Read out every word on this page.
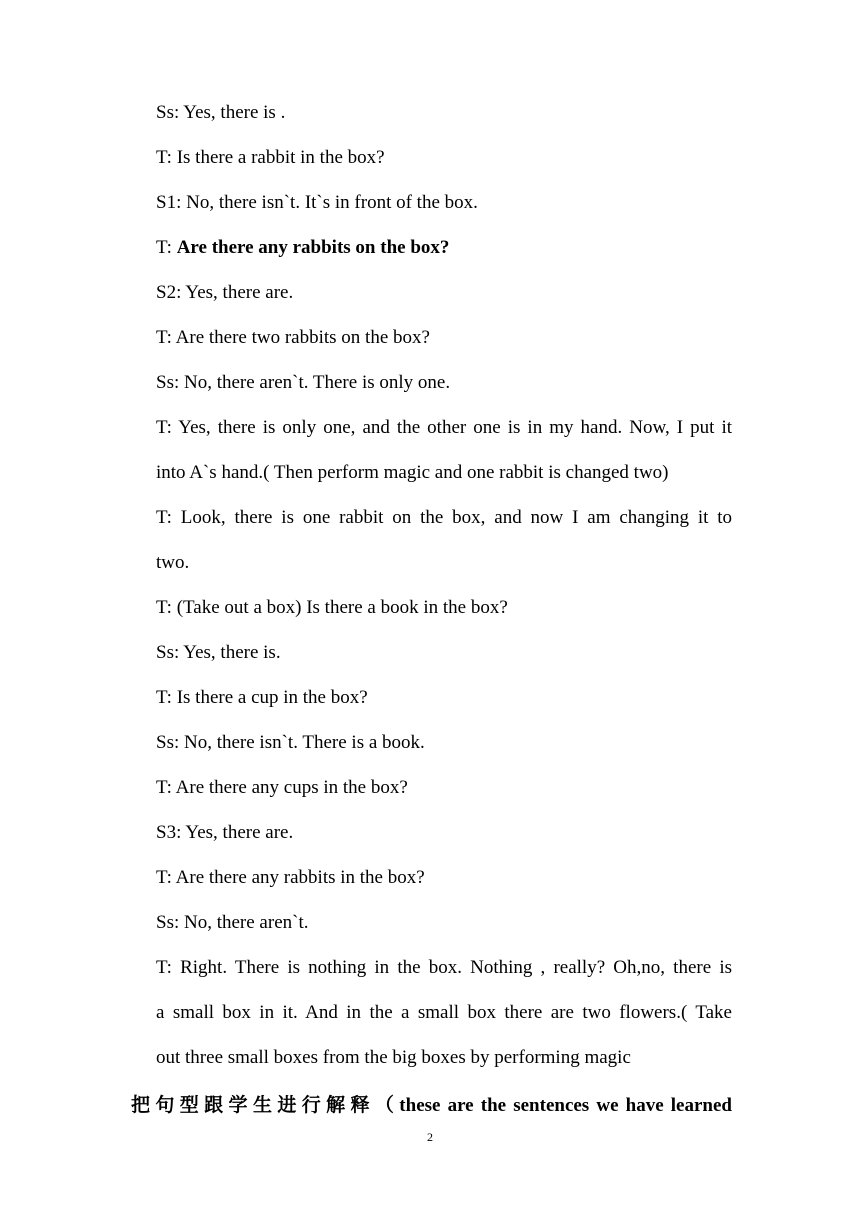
Ss: Yes, there is .
T: Is there a rabbit in the box?
S1: No, there isn`t. It`s in front of the box.
T: Are there any rabbits on the box?
S2: Yes, there are.
T: Are there two rabbits on the box?
Ss: No, there aren`t. There is only one.
T: Yes, there is only one, and the other one is in my hand. Now, I put it
into A`s hand.( Then perform magic and one rabbit is changed two)
T: Look, there is one rabbit on the box, and now I am changing it to
two.
T: (Take out a box) Is there a book in the box?
Ss: Yes, there is.
T: Is there a cup in the box?
Ss: No, there isn`t. There is a book.
T: Are there any cups in the box?
S3: Yes, there are.
T: Are there any rabbits in the box?
Ss: No, there aren`t.
T: Right. There is nothing in the box. Nothing , really? Oh,no, there is
a small box in it. And in the a small box there are two flowers.( Take
out three small boxes from the big boxes by performing magic
把句型跟学生进行解释（these are the sentences we have learned
2
